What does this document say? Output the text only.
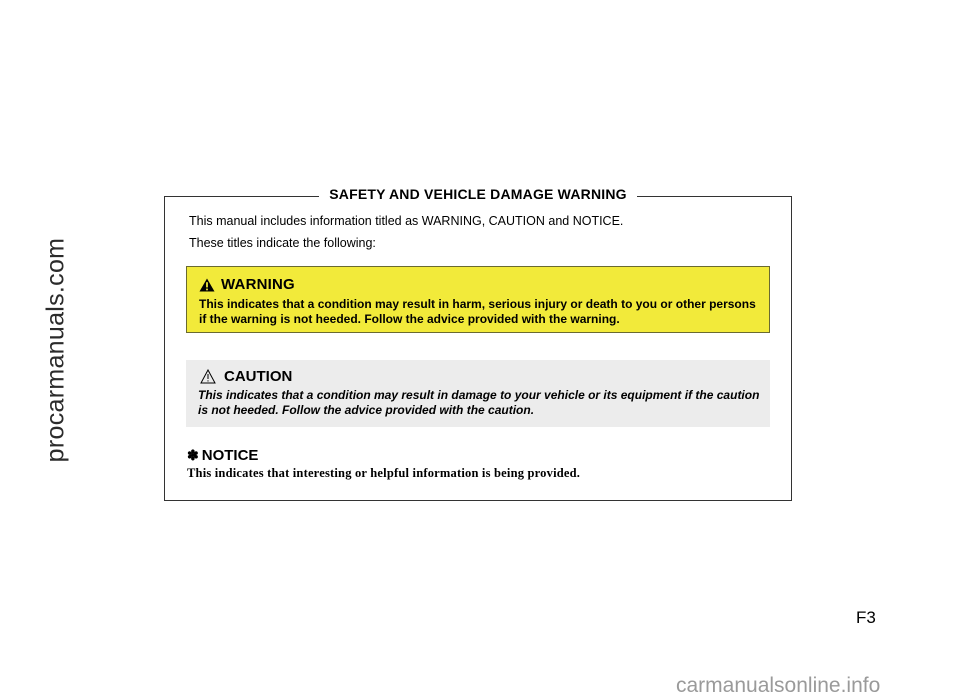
procarmanuals.com
SAFETY AND VEHICLE DAMAGE WARNING
This manual includes information titled as WARNING, CAUTION and NOTICE.
These titles indicate the following:
WARNING
This indicates that a condition may result in harm, serious injury or death to you or other persons if the warning is not heeded. Follow the advice provided with the warning.
CAUTION
This indicates that a condition may result in damage to your vehicle or its equipment if the caution is not heeded. Follow the advice provided with the caution.
✽ NOTICE
This indicates that interesting or helpful information is being provided.
F3
carmanualsonline.info
